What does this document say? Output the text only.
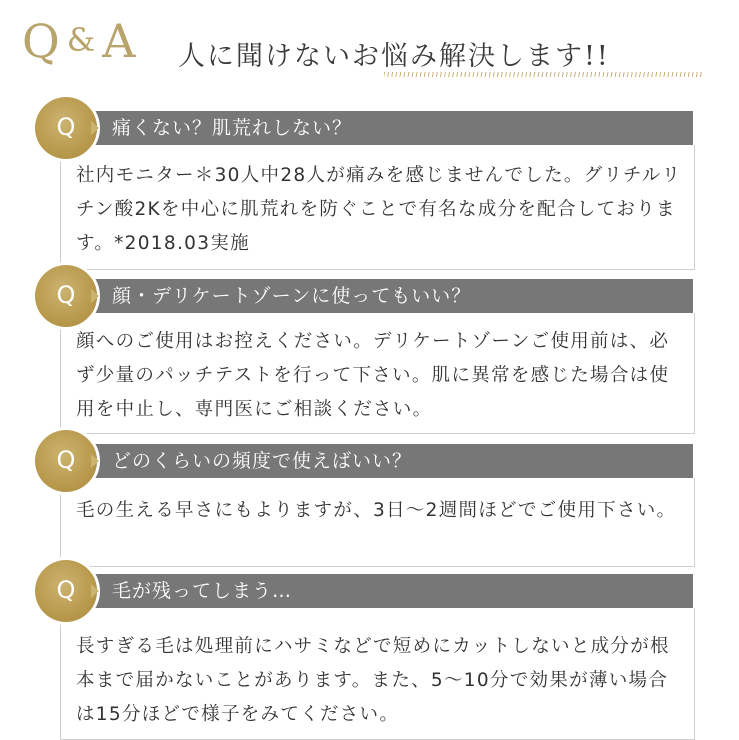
Q & A 人に聞けないお悩み解決します!!
痛くない？肌荒れしない？
Q
社内モニター＊30人中28人が痛みを感じませんでした。グリチルリチン酸2Kを中心に肌荒れを防ぐことで有名な成分を配合しております。*2018.03実施
顔・デリケートゾーンに使ってもいい？
Q
顔へのご使用はお控えください。デリケートゾーンご使用前は、必ず少量のパッチテストを行って下さい。肌に異常を感じた場合は使用を中止し、専門医にご相談ください。
どのくらいの頻度で使えばいい？
Q
毛の生える早さにもよりますが、3日〜2週間ほどでご使用下さい。
毛が残ってしまう…
Q
長すぎる毛は処理前にハサミなどで短めにカットしないと成分が根本まで届かないことがあります。また、5〜10分で効果が薄い場合は15分ほどで様子をみてください。
